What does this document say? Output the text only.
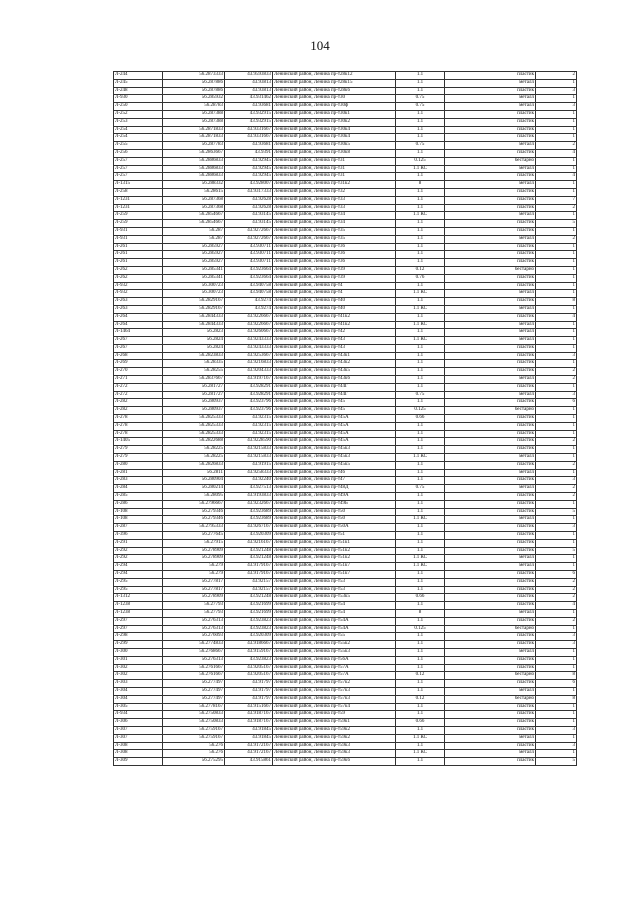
104
Л-244	56.2873333	43.9593833	Ленинский район, Ленина пр-т28к12	1.1	пластик	2
Л-245	56.287886	43.93813	Ленинский район, Ленина пр-т28к15	1.1	металл	1
Л-248	56.287886	43.93813	Ленинский район, Ленина пр-т28к6	1.1	пластик	3
Л-930	56.285932	43.931462	Ленинский район, Ленина пр-т30	0.75	металл	1
Л-250	56.28783	43.93681	Ленинский район, Ленина пр-т30ф	0.75	металл	3
Л-252	56.287388	43.932915	Ленинский район, Ленина пр-т30к1	1.1	пластик	1
Л-253	56.287388	43.932915	Ленинский район, Ленина пр-т30к2	1.1	пластик	1
Л-254	56.2871833	43.9331667	Ленинский район, Ленина пр-т30к4	1.1	пластик	1
Л-254	56.2871833	43.9331667	Ленинский район, Ленина пр-т30к4	1.1	пластик	1
Л-255	56.287783	43.93681	Ленинский район, Ленина пр-т30к5	0.75	металл	2
Л-256	56.2863667	43.9391	Ленинский район, Ленина пр-т30к8	1.1	пластик	4
Л-257	56.2886833	43.92945	Ленинский район, Ленина пр-т31	0.125	бестарно	1
Л-257	56.2886833	43.92945	Ленинский район, Ленина пр-т31	1.1 КС	металл	1
Л-257	56.2886833	43.92945	Ленинский район, Ленина пр-т31	1.1	пластик	4
Л-1315	56.288332	43.928007	Ленинский район, Ленина пр-т31к2	8	металл	1
Л-258	56.28615	43.9317333	Ленинский район, Ленина пр-т32	1.1	пластик	1
Л-1231	56.287368	43.92628	Ленинский район, Ленина пр-т33	1.1	пластик	7
Л-1231	56.287368	43.92628	Ленинский район, Ленина пр-т33	1.1	пластик	2
Л-259	56.2854667	43.93145	Ленинский район, Ленина пр-т34	1.1 КС	металл	1
Л-259	56.2854667	43.93145	Ленинский район, Ленина пр-т34	1.1	пластик	5
Л-931	56.287	43.9272667	Ленинский район, Ленина пр-т35	1.1	пластик	1
Л-931	56.287	43.9272667	Ленинский район, Ленина пр-т35	1.1	металл	2
Л-261	56.285927	43.930711	Ленинский район, Ленина пр-т36	1.1	пластик	1
Л-261	56.285927	43.930711	Ленинский район, Ленина пр-т36	1.1	пластик	1
Л-261	56.285927	43.930711	Ленинский район, Ленина пр-т36	1.1	пластик	1
Л-262	56.285341	43.923664	Ленинский район, Ленина пр-т39	0.12	бестарно	1
Л-262	56.285341	43.923664	Ленинский район, Ленина пр-т39	0.76	пластик	1
Л-932	56.300723	43.940758	Ленинский район, Ленина пр-т4	1.1	пластик	1
Л-932	56.300723	43.940758	Ленинский район, Ленина пр-т4	1.1 КС	металл	1
Л-263	56.2829167	43.9274	Ленинский район, Ленина пр-т40	1.1	пластик	8
Л-263	56.2829167	43.9274	Ленинский район, Ленина пр-т40	1.1 КС	металл	1
Л-264	56.2844333	43.9226667	Ленинский район, Ленина пр-т41к2	1.1	пластик	4
Л-264	56.2844333	43.9226667	Ленинский район, Ленина пр-т41к2	1.1 КС	металл	1
Л-1464	56.2823	43.9260667	Ленинский район, Ленина пр-т42	1.1	металл	1
Л-267	56.2824	43.9243333	Ленинский район, Ленина пр-т43	1.1 КС	металл	1
Л-267	56.2824	43.9243333	Ленинский район, Ленина пр-т43	1.1	пластик	1
Л-268	56.2823833	43.9253667	Ленинский район, Ленина пр-т43к1	1.1	пластик	3
Л-269	56.28335	43.9216833	Ленинский район, Ленина пр-т43к2	1.1	пластик	1
Л-270	56.28255	43.9204333	Ленинский район, Ленина пр-т43к5	1.1	пластик	2
Л-271	56.2837667	43.9197167	Ленинский район, Ленина пр-т43к6	1.1	металл	2
Л-272	56.281727	43.928291	Ленинский район, Ленина пр-т44Г	1.1	пластик	1
Л-272	56.281727	43.928291	Ленинский район, Ленина пр-т44Г	0.75	металл	3
Л-282	56.280937	43.923796	Ленинский район, Ленина пр-т45	1.1	пластик	6
Л-282	56.280937	43.923796	Ленинский район, Ленина пр-т45	0.125	бестарно	1
Л-278	56.2825333	43.92315	Ленинский район, Ленина пр-т45А	0.66	пластик	1
Л-278	56.2825333	43.92315	Ленинский район, Ленина пр-т45А	1.1	пластик	1
Л-278	56.2825333	43.92315	Ленинский район, Ленина пр-т45А	1.1	пластик	1
Л-1405	56.2822688	43.9228590	Ленинский район, Ленина пр-т45А	1.1	пластик	2
Л-279	56.28225	43.9215833	Ленинский район, Ленина пр-т45к3	1.1	пластик	1
Л-279	56.28225	43.9215833	Ленинский район, Ленина пр-т45к3	1.1 КС	металл	1
Л-280	56.2826833	43.91915	Ленинский район, Ленина пр-т45к5	1.1	пластик	2
Л-281	56.2811	43.9258333	Ленинский район, Ленина пр-т46	1.1	металл	1
Л-283	56.280904	43.92240	Ленинский район, Ленина пр-т47	1.1	пластик	3
Л-284	56.280214	43.927513	Ленинский район, Ленина пр-т48Д	0.75	металл	2
Л-285	56.28095	43.9193833	Ленинский район, Ленина пр-т49А	1.1	пластик	2
Л-286	56.2796667	43.9232667	Ленинский район, Ленина пр-т49Б	1.1	пластик	1
Л-108	56.279346	43.923689	Ленинский район, Ленина пр-т50	1.1	пластик	5
Л-108	56.279346	43.923689	Ленинский район, Ленина пр-т50	1.1 КС	металл	1
Л-287	56.2795333	43.9267167	Ленинский район, Ленина пр-т50А	1.1	пластик	3
Л-396	56.277645	43.920309	Ленинский район, Ленина пр-т51	1.1	пластик	1
Л-291	56.27915	43.9216167	Ленинский район, Ленина пр-т51к1	1.1	пластик	1
Л-292	56.278909	43.921248	Ленинский район, Ленина пр-т51к2	1.1	пластик	5
Л-292	56.278909	43.921248	Ленинский район, Ленина пр-т51к2	1.1 КС	металл	1
Л-294	56.279	43.9179167	Ленинский район, Ленина пр-т51к7	1.1 КС	металл	1
Л-294	56.279	43.9179167	Ленинский район, Ленина пр-т51к7	1.1	пластик	6
Л-295	56.277817	43.92157	Ленинский район, Ленина пр-т53	1.1	пластик	2
Л-295	56.277817	43.92157	Ленинский район, Ленина пр-т53	1.1	пластик	2
Л-1312	56.278909	43.921248	Ленинский район, Ленина пр-т53к5	0.66	пластик	2
Л-1238	56.27793	43.921699	Ленинский район, Ленина пр-т54	1.1	пластик	4
Л-1238	56.27793	43.921699	Ленинский район, Ленина пр-т54	8	металл	1
Л-297	56.276313	43.923823	Ленинский район, Ленина пр-т54А	1.1	пластик	2
Л-297	56.276313	43.923823	Ленинский район, Ленина пр-т54А	0.125	бестарно	1
Л-298	56.276093	43.920309	Ленинский район, Ленина пр-т55	1.1	пластик	3
Л-299	56.2774833	43.9186667	Ленинский район, Ленина пр-т55к2	1.1	пластик	3
Л-300	56.2768667	43.9159167	Ленинский район, Ленина пр-т55к3	1.1	металл	1
Л-301	56.276313	43.923823	Ленинский район, Ленина пр-т56А	1.1	пластик	1
Л-302	56.2761667	43.9205167	Ленинский район, Ленина пр-т57А	1.1	пластик	1
Л-302	56.2761667	43.9205167	Ленинский район, Ленина пр-т57А	0.12	бестарно	8
Л-303	56.277497	43.91797	Ленинский район, Ленина пр-т57к2	1.1	пластик	6
Л-304	56.277497	43.91797	Ленинский район, Ленина пр-т57к3	1.1	металл	1
Л-304	56.277497	43.91797	Ленинский район, Ленина пр-т57к3	0.12	бестарно	8
Л-305	56.2778167	43.9151667	Ленинский район, Ленина пр-т57к4	1.1	пластик	1
Л-934	56.2750833	43.9187167	Ленинский район, Ленина пр-т59	1.1	пластик	1
Л-306	56.2750833	43.9187167	Ленинский район, Ленина пр-т59к1	0.66	пластик	1
Л-307	56.2759167	43.91845	Ленинский район, Ленина пр-т59к2	1.1	пластик	3
Л-307	56.2759167	43.91845	Ленинский район, Ленина пр-т59к2	1.1 КС	металл	1
Л-308	56.276	43.9172167	Ленинский район, Ленина пр-т59к3	1.1	пластик	3
Л-308	56.276	43.9172167	Ленинский район, Ленина пр-т59к3	1.1 КС	металл	1
Л-309	56.275295	43.915861	Ленинский район, Ленина пр-т59к6	1.1	пластик	5
